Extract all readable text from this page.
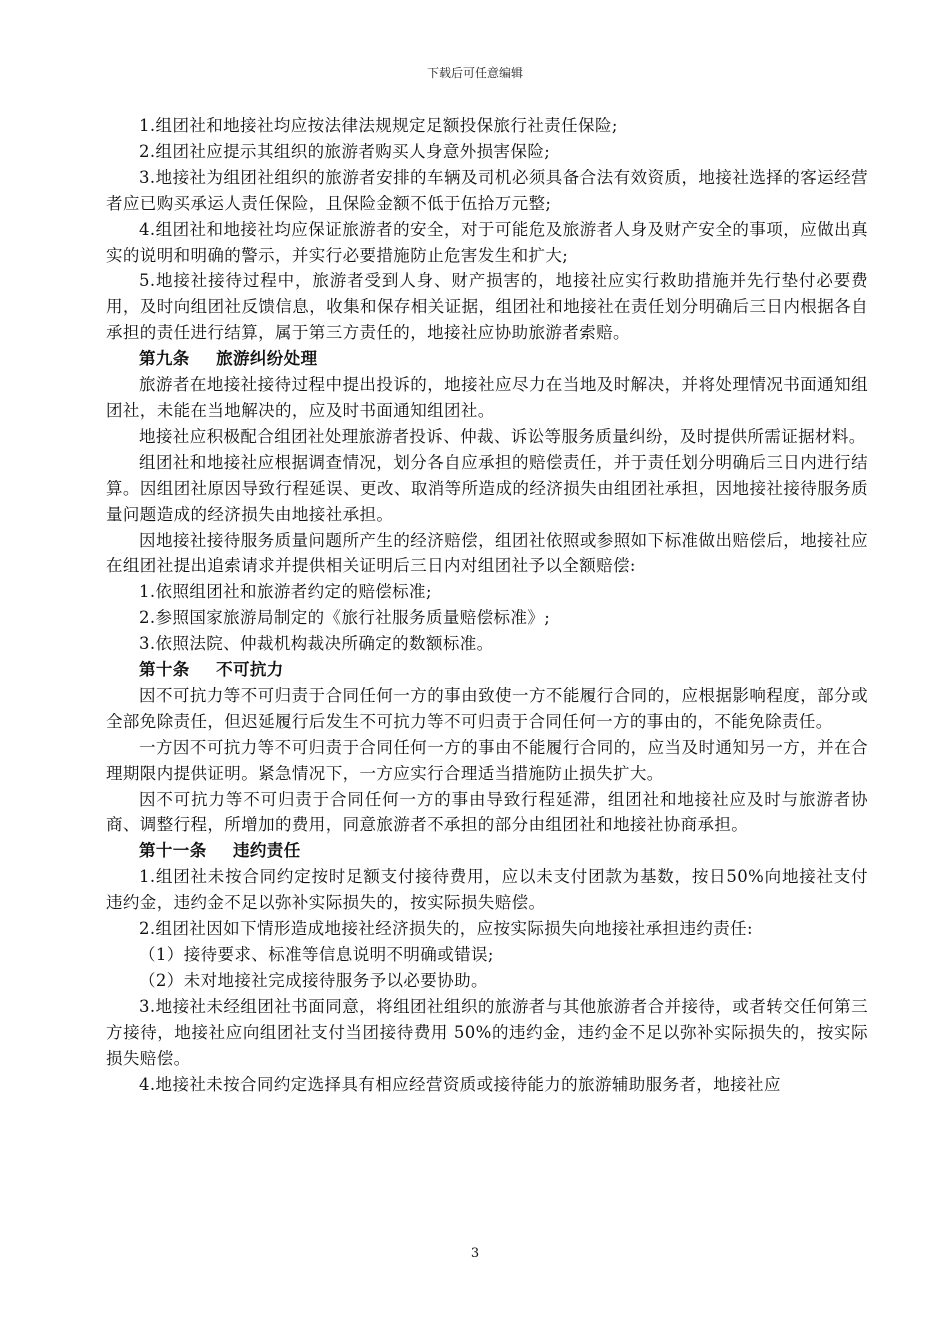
下载后可任意编辑

1.组团社和地接社均应按法律法规规定足额投保旅行社责任保险;

2.组团社应提示其组织的旅游者购买人身意外损害保险;

3.地接社为组团社组织的旅游者安排的车辆及司机必须具备合法有效资质，地接社选择的客运经营者应已购买承运人责任保险，且保险金额不低于伍拾万元整;

4.组团社和地接社均应保证旅游者的安全，对于可能危及旅游者人身及财产安全的事项，应做出真实的说明和明确的警示，并实行必要措施防止危害发生和扩大;

5.地接社接待过程中，旅游者受到人身、财产损害的，地接社应实行救助措施并先行垫付必要费用，及时向组团社反馈信息，收集和保存相关证据，组团社和地接社在责任划分明确后三日内根据各自承担的责任进行结算，属于第三方责任的，地接社应协助旅游者索赔。

第九条 旅游纠纷处理

旅游者在地接社接待过程中提出投诉的，地接社应尽力在当地及时解决，并将处理情况书面通知组团社，未能在当地解决的，应及时书面通知组团社。

地接社应积极配合组团社处理旅游者投诉、仲裁、诉讼等服务质量纠纷，及时提供所需证据材料。

组团社和地接社应根据调查情况，划分各自应承担的赔偿责任，并于责任划分明确后三日内进行结算。因组团社原因导致行程延误、更改、取消等所造成的经济损失由组团社承担，因地接社接待服务质量问题造成的经济损失由地接社承担。

因地接社接待服务质量问题所产生的经济赔偿，组团社依照或参照如下标准做出赔偿后，地接社应在组团社提出追索请求并提供相关证明后三日内对组团社予以全额赔偿:

1.依照组团社和旅游者约定的赔偿标准;

2.参照国家旅游局制定的《旅行社服务质量赔偿标准》;

3.依照法院、仲裁机构裁决所确定的数额标准。

第十条 不可抗力

因不可抗力等不可归责于合同任何一方的事由致使一方不能履行合同的，应根据影响程度，部分或全部免除责任，但迟延履行后发生不可抗力等不可归责于合同任何一方的事由的，不能免除责任。

一方因不可抗力等不可归责于合同任何一方的事由不能履行合同的，应当及时通知另一方，并在合理期限内提供证明。紧急情况下，一方应实行合理适当措施防止损失扩大。

因不可抗力等不可归责于合同任何一方的事由导致行程延滞，组团社和地接社应及时与旅游者协商、调整行程，所增加的费用，同意旅游者不承担的部分由组团社和地接社协商承担。

第十一条 违约责任

1.组团社未按合同约定按时足额支付接待费用，应以未支付团款为基数，按日50%向地接社支付违约金，违约金不足以弥补实际损失的，按实际损失赔偿。

2.组团社因如下情形造成地接社经济损失的，应按实际损失向地接社承担违约责任:

（1）接待要求、标准等信息说明不明确或错误;

（2）未对地接社完成接待服务予以必要协助。

3.地接社未经组团社书面同意，将组团社组织的旅游者与其他旅游者合并接待，或者转交任何第三方接待，地接社应向组团社支付当团接待费用 50%的违约金，违约金不足以弥补实际损失的，按实际损失赔偿。

4.地接社未按合同约定选择具有相应经营资质或接待能力的旅游辅助服务者，地接社应

3
